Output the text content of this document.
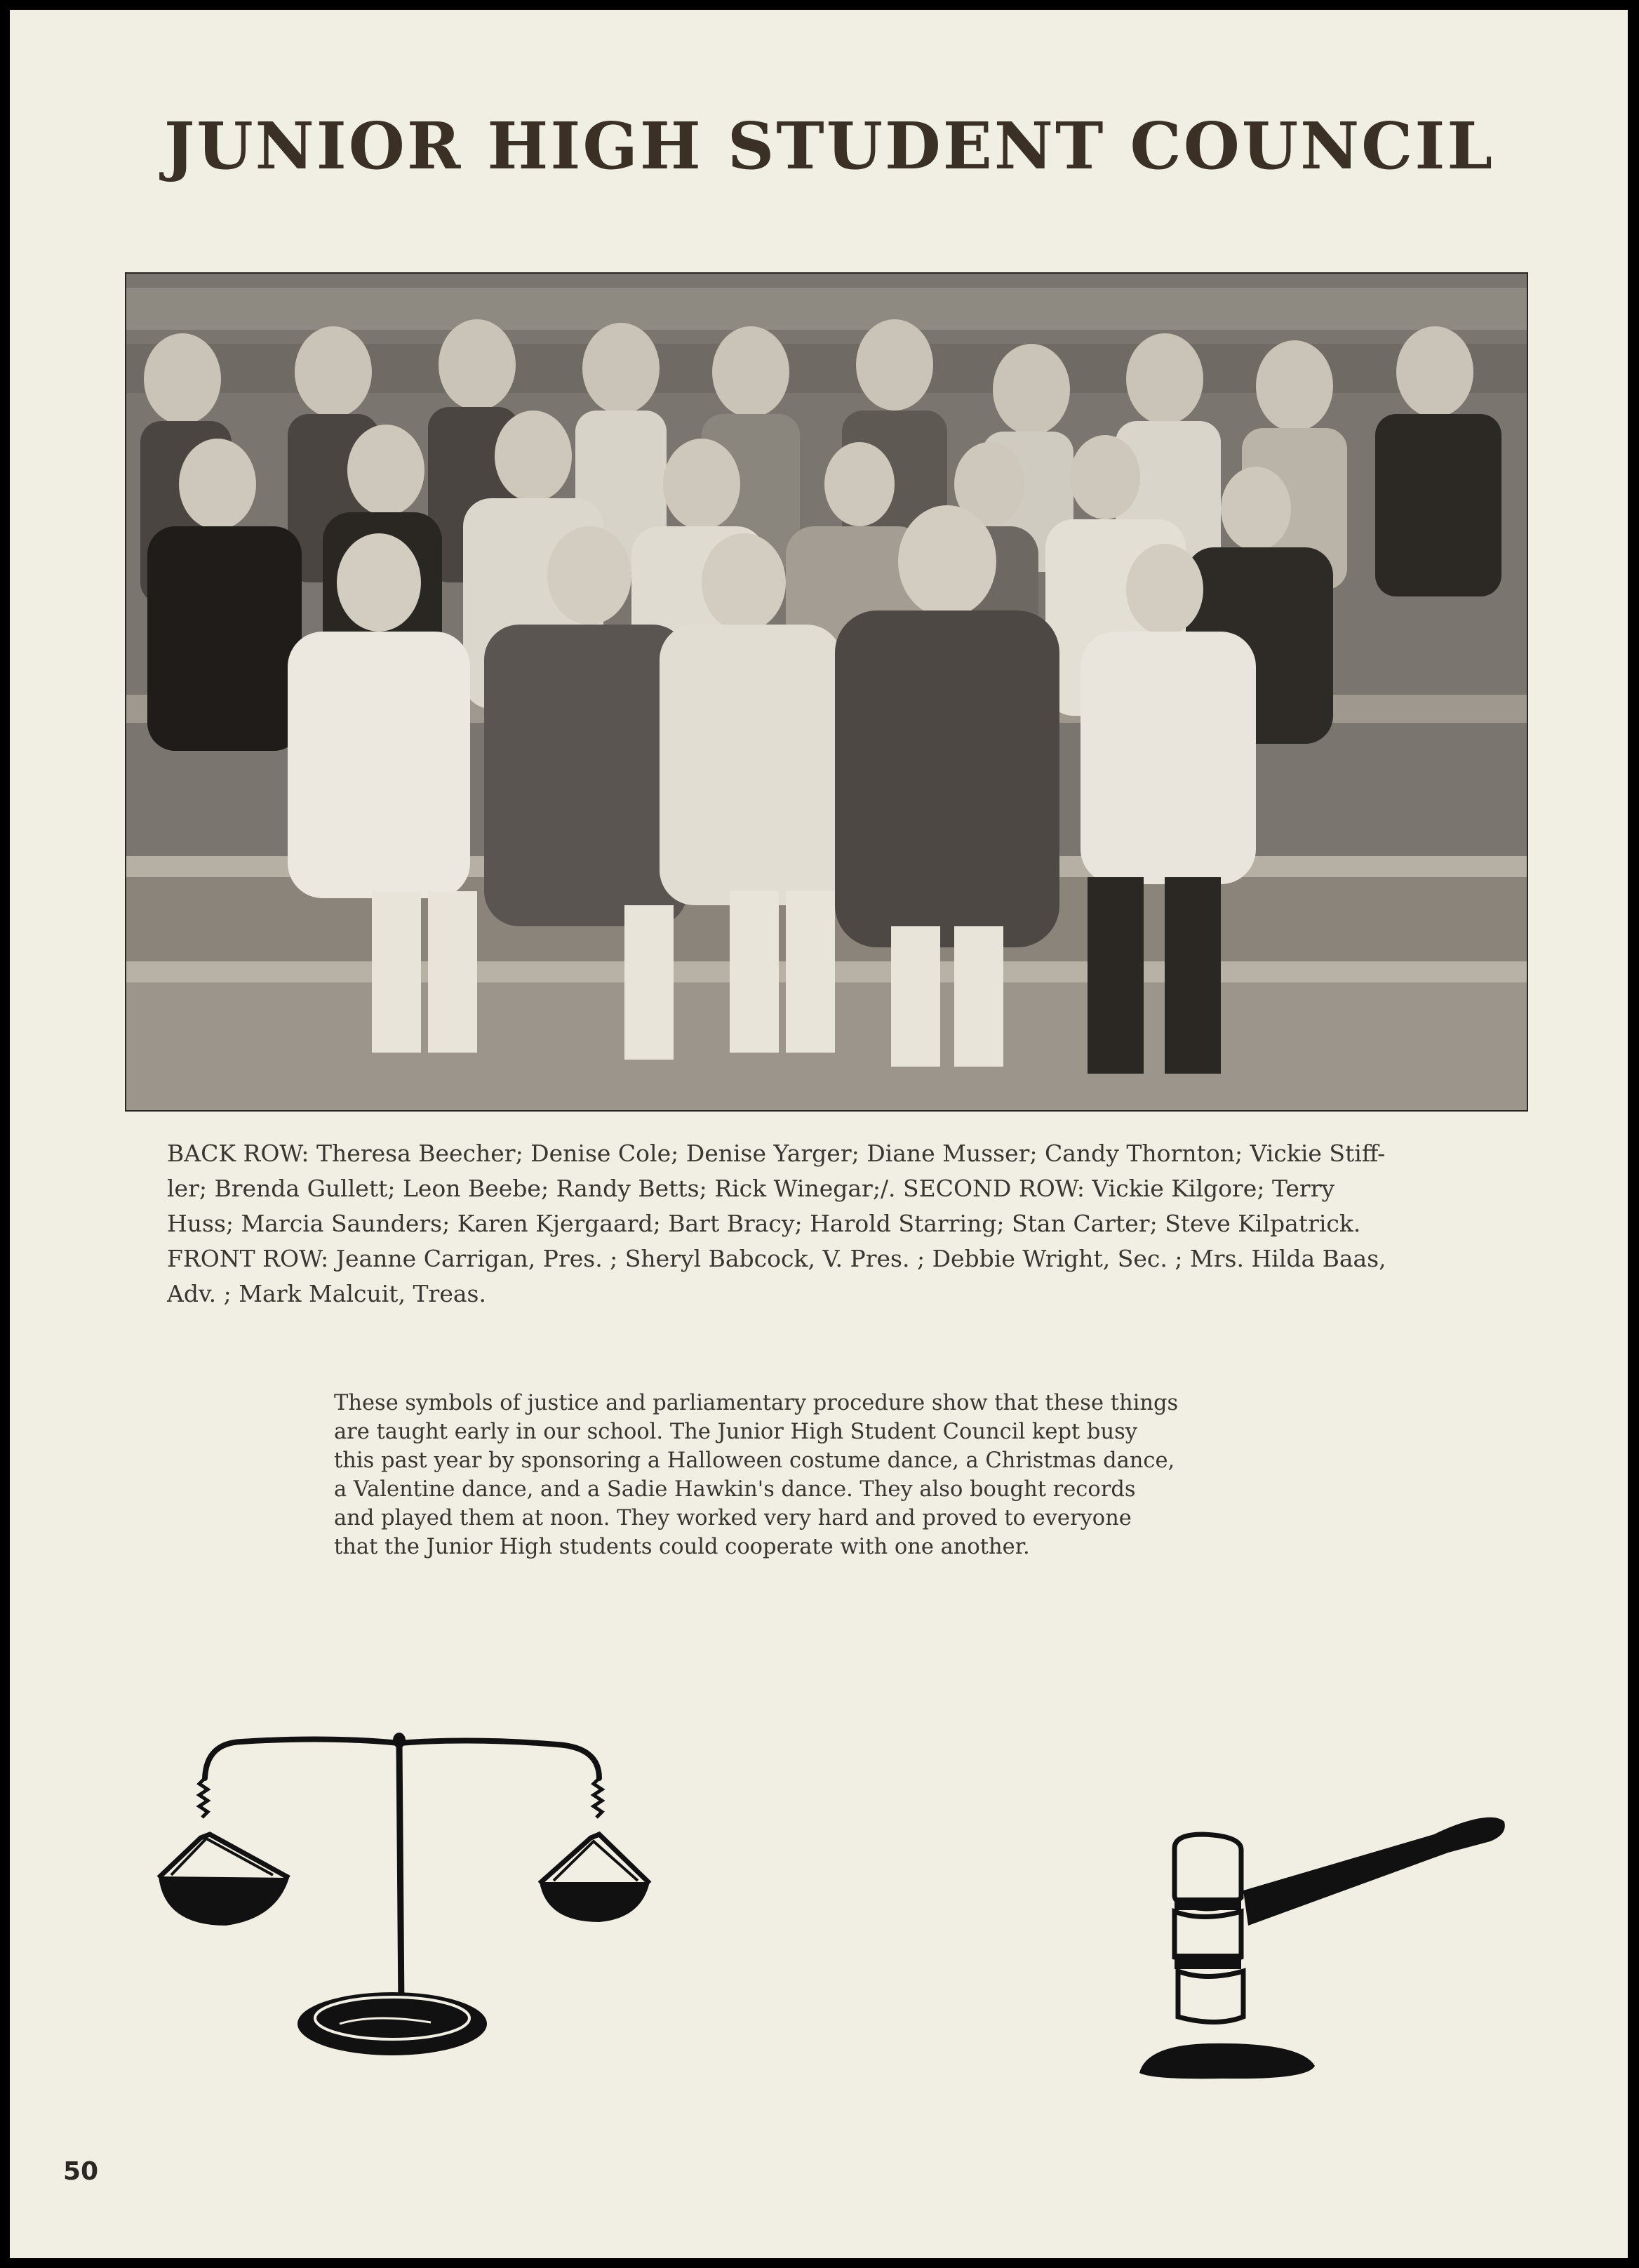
JUNIOR HIGH STUDENT COUNCIL
BACK ROW: Theresa Beecher; Denise Cole; Denise Yarger; Diane Musser; Candy Thornton; Vickie Stiff-
ler; Brenda Gullett; Leon Beebe; Randy Betts; Rick Winegar;/. SECOND ROW: Vickie Kilgore; Terry
Huss; Marcia Saunders; Karen Kjergaard; Bart Bracy; Harold Starring; Stan Carter; Steve Kilpatrick.
FRONT ROW: Jeanne Carrigan, Pres. ; Sheryl Babcock, V. Pres. ; Debbie Wright, Sec. ; Mrs. Hilda Baas,
Adv. ; Mark Malcuit, Treas.
These symbols of justice and parliamentary procedure show that these things
are taught early in our school. The Junior High Student Council kept busy
this past year by sponsoring a Halloween costume dance, a Christmas dance,
a Valentine dance, and a Sadie Hawkin's dance. They also bought records
and played them at noon. They worked very hard and proved to everyone
that the Junior High students could cooperate with one another.
50
